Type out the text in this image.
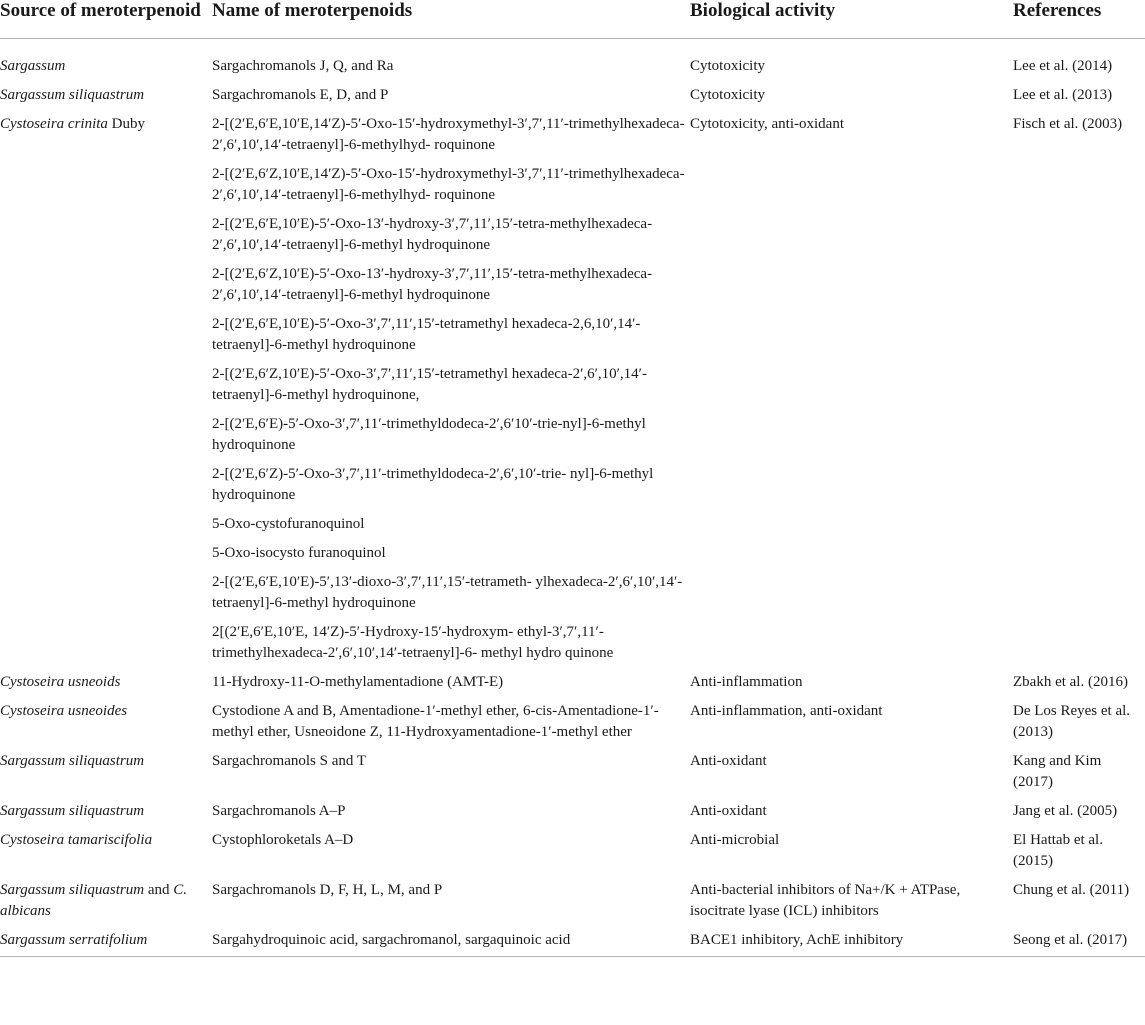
Source of meroterpenoid	Name of meroterpenoids	Biological activity	References
Sargassum	Sargachromanols J, Q, and Ra	Cytotoxicity	Lee et al. (2014)
Sargassum siliquastrum	Sargachromanols E, D, and P	Cytotoxicity	Lee et al. (2013)
Cystoseira crinita Duby	2-[(2′E,6′E,10′E,14′Z)-5′-Oxo-15′-hydroxymethyl-3′,7′,11′-trimethylhexadeca-2′,6′,10′,14′-tetraenyl]-6-methylhyd- roquinone	Cytotoxicity, anti-oxidant	Fisch et al. (2003)
	2-[(2′E,6′Z,10′E,14′Z)-5′-Oxo-15′-hydroxymethyl-3′,7′,11′-trimethylhexadeca-2′,6′,10′,14′-tetraenyl]-6-methylhyd- roquinone		
	2-[(2′E,6′E,10′E)-5′-Oxo-13′-hydroxy-3′,7′,11′,15′-tetra-methylhexadeca-2′,6′,10′,14′-tetraenyl]-6-methyl hydroquinone		
	2-[(2′E,6′Z,10′E)-5′-Oxo-13′-hydroxy-3′,7′,11′,15′-tetra-methylhexadeca-2′,6′,10′,14′-tetraenyl]-6-methyl hydroquinone		
	2-[(2′E,6′E,10′E)-5′-Oxo-3′,7′,11′,15′-tetramethyl hexadeca-2,6,10′,14′-tetraenyl]-6-methyl hydroquinone		
	2-[(2′E,6′Z,10′E)-5′-Oxo-3′,7′,11′,15′-tetramethyl hexadeca-2′,6′,10′,14′-tetraenyl]-6-methyl hydroquinone,		
	2-[(2′E,6′E)-5′-Oxo-3′,7′,11′-trimethyldodeca-2′,6′10′-trie-nyl]-6-methyl hydroquinone		
	2-[(2′E,6′Z)-5′-Oxo-3′,7′,11′-trimethyldodeca-2′,6′,10′-trie- nyl]-6-methyl hydroquinone		
	5-Oxo-cystofuranoquinol		
	5-Oxo-isocysto furanoquinol		
	2-[(2′E,6′E,10′E)-5′,13′-dioxo-3′,7′,11′,15′-tetrameth- ylhexadeca-2′,6′,10′,14′-tetraenyl]-6-methyl hydroquinone		
	2[(2′E,6′E,10′E, 14′Z)-5′-Hydroxy-15′-hydroxym- ethyl-3′,7′,11′-trimethylhexadeca-2′,6′,10′,14′-tetraenyl]-6- methyl hydro quinone		
Cystoseira usneoids	11-Hydroxy-11-O-methylamentadione (AMT-E)	Anti-inflammation	Zbakh et al. (2016)
Cystoseira usneoides	Cystodione A and B, Amentadione-1′-methyl ether, 6-cis-Amentadione-1′-methyl ether, Usneoidone Z, 11-Hydroxyamentadione-1′-methyl ether	Anti-inflammation, anti-oxidant	De Los Reyes et al. (2013)
Sargassum siliquastrum	Sargachromanols S and T	Anti-oxidant	Kang and Kim (2017)
Sargassum siliquastrum	Sargachromanols A–P	Anti-oxidant	Jang et al. (2005)
Cystoseira tamariscifolia	Cystophloroketals A–D	Anti-microbial	El Hattab et al. (2015)
Sargassum siliquastrum and C. albicans	Sargachromanols D, F, H, L, M, and P	Anti-bacterial inhibitors of Na+/K + ATPase, isocitrate lyase (ICL) inhibitors	Chung et al. (2011)
Sargassum serratifolium	Sargahydroquinoic acid, sargachromanol, sargaquinoic acid	BACE1 inhibitory, AchE inhibitory	Seong et al. (2017)
